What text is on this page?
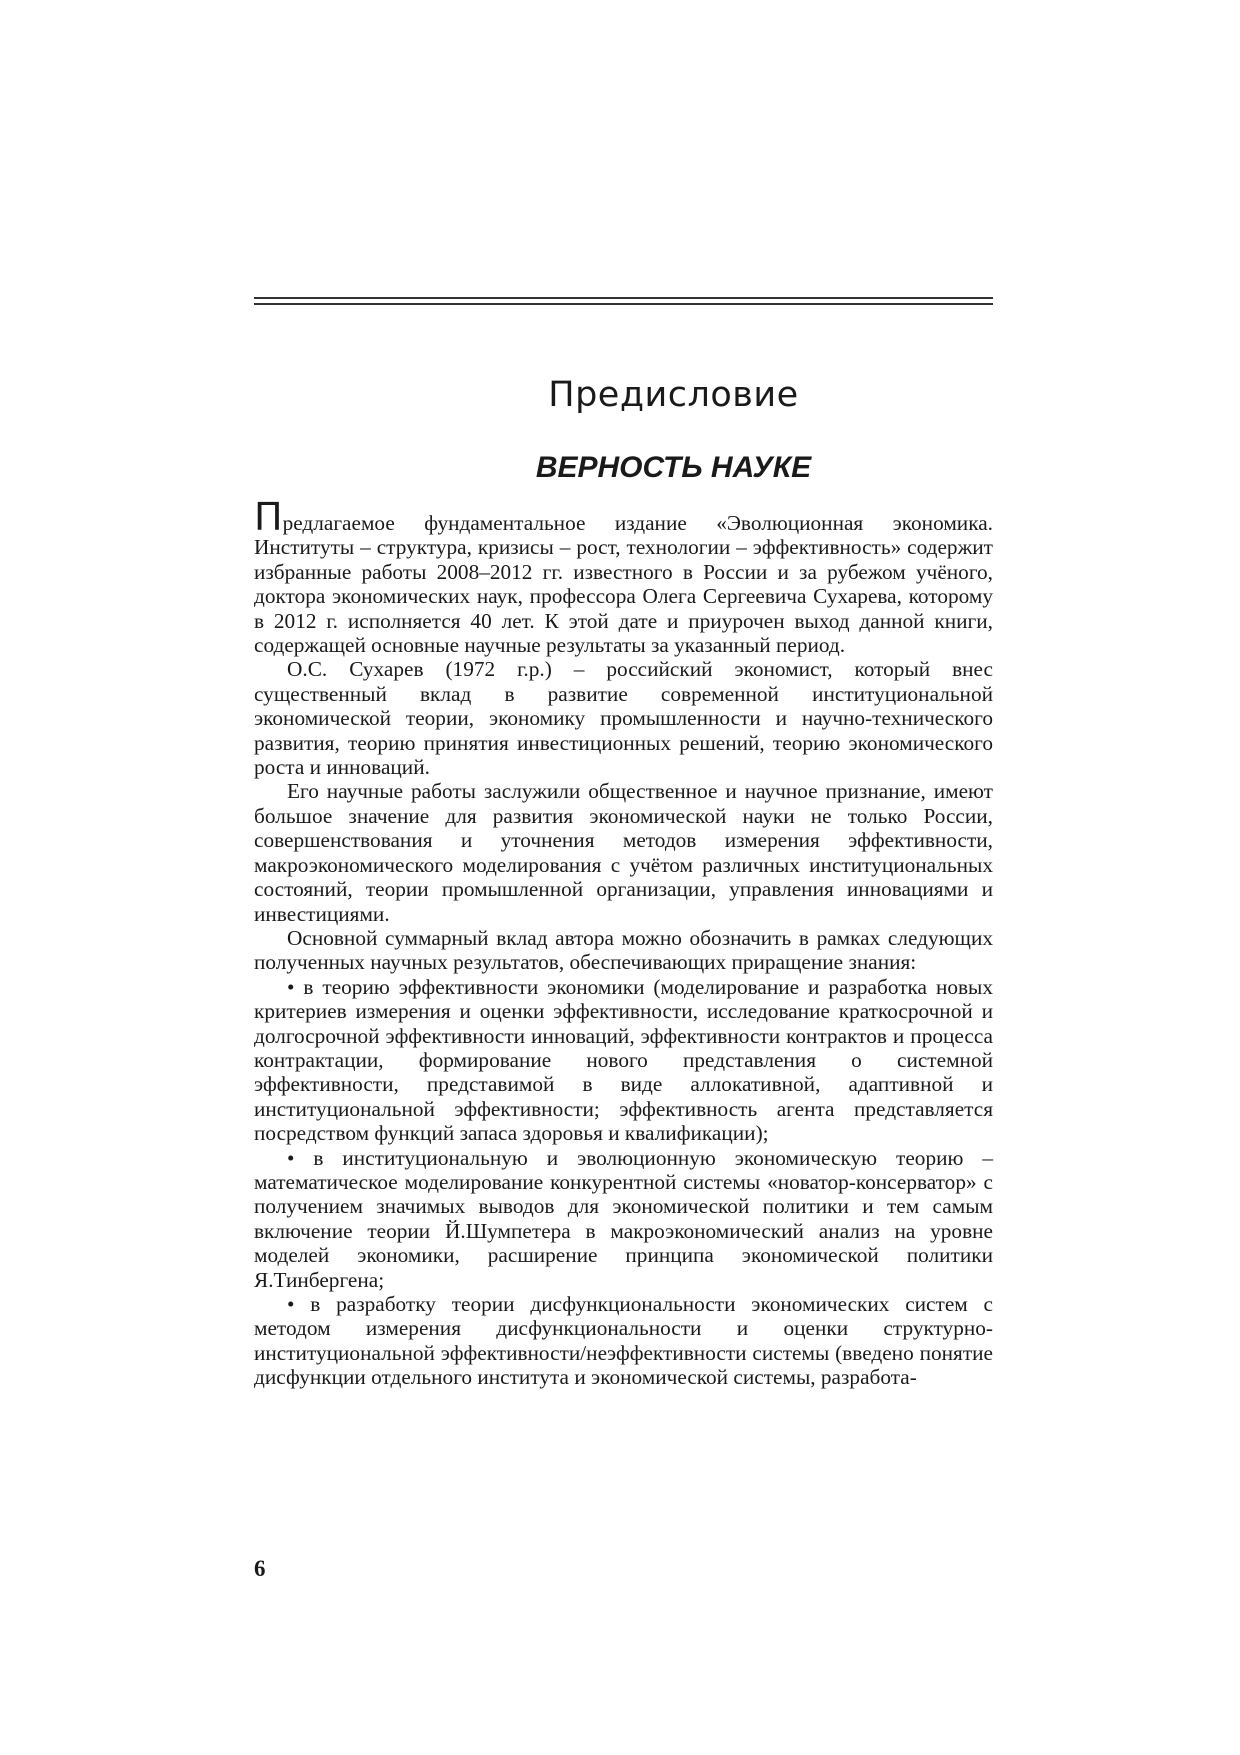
Предисловие
ВЕРНОСТЬ НАУКЕ

Предлагаемое фундаментальное издание «Эволюционная экономика. Институты – структура, кризисы – рост, технологии – эффективность» содержит избранные работы 2008–2012 гг. известного в России и за рубежом учёного, доктора экономических наук, профессора Олега Сергеевича Сухарева, которому в 2012 г. исполняется 40 лет. К этой дате и приурочен выход данной книги, содержащей основные научные результаты за указанный период.

О.С. Сухарев (1972 г.р.) – российский экономист, который внес существенный вклад в развитие современной институциональной экономической теории, экономику промышленности и научно-технического развития, теорию принятия инвестиционных решений, теорию экономического роста и инноваций.

Его научные работы заслужили общественное и научное признание, имеют большое значение для развития экономической науки не только России, совершенствования и уточнения методов измерения эффективности, макроэкономического моделирования с учётом различных институциональных состояний, теории промышленной организации, управления инновациями и инвестициями.

Основной суммарный вклад автора можно обозначить в рамках следующих полученных научных результатов, обеспечивающих приращение знания:

• в теорию эффективности экономики (моделирование и разработка новых критериев измерения и оценки эффективности, исследование краткосрочной и долгосрочной эффективности инноваций, эффективности контрактов и процесса контрактации, формирование нового представления о системной эффективности, представимой в виде аллокативной, адаптивной и институциональной эффективности; эффективность агента представляется посредством функций запаса здоровья и квалификации);

• в институциональную и эволюционную экономическую теорию – математическое моделирование конкурентной системы «новатор-консерватор» с получением значимых выводов для экономической политики и тем самым включение теории Й.Шумпетера в макроэкономический анализ на уровне моделей экономики, расширение принципа экономической политики Я.Тинбергена;

• в разработку теории дисфункциональности экономических систем с методом измерения дисфункциональности и оценки структурно-институциональной эффективности/неэффективности системы (введено понятие дисфункции отдельного института и экономической системы, разработа-

6
